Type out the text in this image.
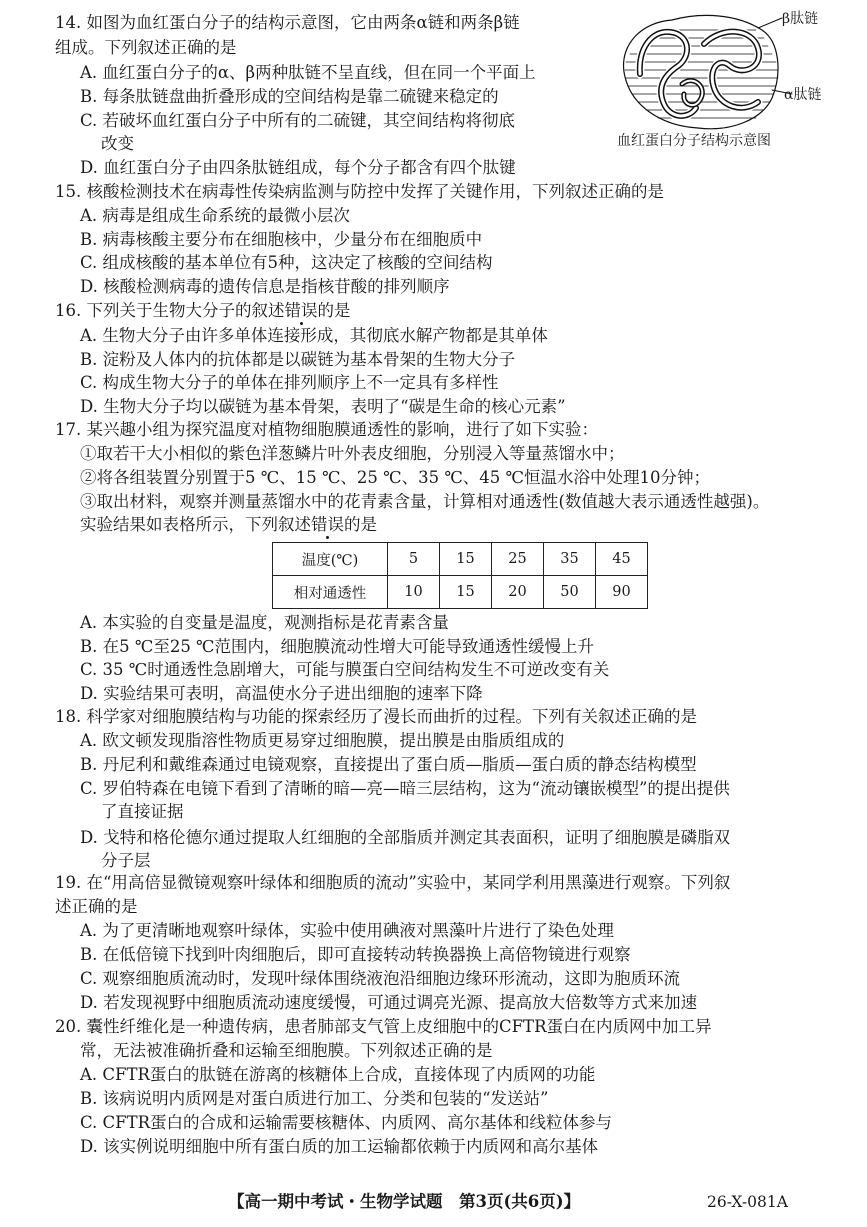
14. 如图为血红蛋白分子的结构示意图，它由两条α链和两条β链
组成。下列叙述正确的是
A. 血红蛋白分子的α、β两种肽链不呈直线，但在同一个平面上
B. 每条肽链盘曲折叠形成的空间结构是靠二硫键来稳定的
C. 若破坏血红蛋白分子中所有的二硫键，其空间结构将彻底
改变
D. 血红蛋白分子由四条肽链组成，每个分子都含有四个肽键
β肽链
α肽链
血红蛋白分子结构示意图
15. 核酸检测技术在病毒性传染病监测与防控中发挥了关键作用，下列叙述正确的是
A. 病毒是组成生命系统的最微小层次
B. 病毒核酸主要分布在细胞核中，少量分布在细胞质中
C. 组成核酸的基本单位有5种，这决定了核酸的空间结构
D. 核酸检测病毒的遗传信息是指核苷酸的排列顺序
16. 下列关于生物大分子的叙述错误的是
A. 生物大分子由许多单体连接形成，其彻底水解产物都是其单体
B. 淀粉及人体内的抗体都是以碳链为基本骨架的生物大分子
C. 构成生物大分子的单体在排列顺序上不一定具有多样性
D. 生物大分子均以碳链为基本骨架，表明了“碳是生命的核心元素”
17. 某兴趣小组为探究温度对植物细胞膜通透性的影响，进行了如下实验：
①取若干大小相似的紫色洋葱鳞片叶外表皮细胞，分别浸入等量蒸馏水中；
②将各组装置分别置于5 ℃、15 ℃、25 ℃、35 ℃、45 ℃恒温水浴中处理10分钟；
③取出材料，观察并测量蒸馏水中的花青素含量，计算相对通透性(数值越大表示通透性越强)。
实验结果如表格所示，下列叙述错误的是
温度(℃)	5	15	25	35	45
相对通透性	10	15	20	50	90
A. 本实验的自变量是温度，观测指标是花青素含量
B. 在5 ℃至25 ℃范围内，细胞膜流动性增大可能导致通透性缓慢上升
C. 35 ℃时通透性急剧增大，可能与膜蛋白空间结构发生不可逆改变有关
D. 实验结果可表明，高温使水分子进出细胞的速率下降
18. 科学家对细胞膜结构与功能的探索经历了漫长而曲折的过程。下列有关叙述正确的是
A. 欧文顿发现脂溶性物质更易穿过细胞膜，提出膜是由脂质组成的
B. 丹尼利和戴维森通过电镜观察，直接提出了蛋白质—脂质—蛋白质的静态结构模型
C. 罗伯特森在电镜下看到了清晰的暗—亮—暗三层结构，这为“流动镶嵌模型”的提出提供
了直接证据
D. 戈特和格伦德尔通过提取人红细胞的全部脂质并测定其表面积，证明了细胞膜是磷脂双
分子层
19. 在“用高倍显微镜观察叶绿体和细胞质的流动”实验中，某同学利用黑藻进行观察。下列叙
述正确的是
A. 为了更清晰地观察叶绿体，实验中使用碘液对黑藻叶片进行了染色处理
B. 在低倍镜下找到叶肉细胞后，即可直接转动转换器换上高倍物镜进行观察
C. 观察细胞质流动时，发现叶绿体围绕液泡沿细胞边缘环形流动，这即为胞质环流
D. 若发现视野中细胞质流动速度缓慢，可通过调亮光源、提高放大倍数等方式来加速
20. 囊性纤维化是一种遗传病，患者肺部支气管上皮细胞中的CFTR蛋白在内质网中加工异
常，无法被准确折叠和运输至细胞膜。下列叙述正确的是
A. CFTR蛋白的肽链在游离的核糖体上合成，直接体现了内质网的功能
B. 该病说明内质网是对蛋白质进行加工、分类和包装的“发送站”
C. CFTR蛋白的合成和运输需要核糖体、内质网、高尔基体和线粒体参与
D. 该实例说明细胞中所有蛋白质的加工运输都依赖于内质网和高尔基体
【高一期中考试・生物学试题　第3页(共6页)】	26-X-081A
